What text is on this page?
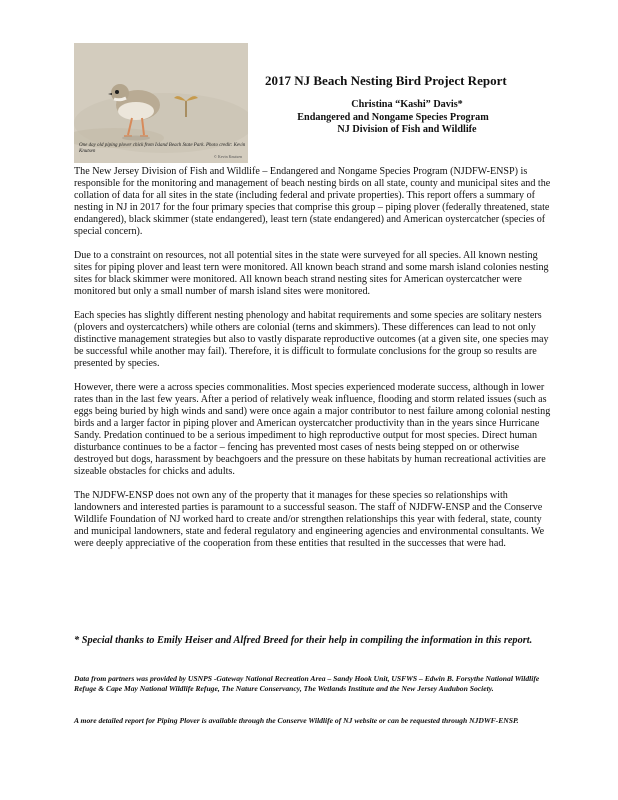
One day old piping plover chick from Island Beach State Park. Photo credit: Kevin Knutsen
© Kevin Knutsen
2017 NJ Beach Nesting Bird Project Report
Christina “Kashi” Davis*
Endangered and Nongame Species Program
NJ Division of Fish and Wildlife

The New Jersey Division of Fish and Wildlife – Endangered and Nongame Species Program (NJDFW-ENSP) is responsible for the monitoring and management of beach nesting birds on all state, county and municipal sites and the collation of data for all sites in the state (including federal and private properties). This report offers a summary of nesting in NJ in 2017 for the four primary species that comprise this group – piping plover (federally threatened, state endangered), black skimmer (state endangered), least tern (state endangered) and American oystercatcher (species of special concern).

Due to a constraint on resources, not all potential sites in the state were surveyed for all species. All known nesting sites for piping plover and least tern were monitored. All known beach strand and some marsh island colonies nesting sites for black skimmer were monitored. All known beach strand nesting sites for American oystercatcher were monitored but only a small number of marsh island sites were monitored.

Each species has slightly different nesting phenology and habitat requirements and some species are solitary nesters (plovers and oystercatchers) while others are colonial (terns and skimmers). These differences can lead to not only distinctive management strategies but also to vastly disparate reproductive outcomes (at a given site, one species may be successful while another may fail). Therefore, it is difficult to formulate conclusions for the group so results are presented by species.

However, there were a across species commonalities. Most species experienced moderate success, although in lower rates than in the last few years. After a period of relatively weak influence, flooding and storm related issues (such as eggs being buried by high winds and sand) were once again a major contributor to nest failure among colonial nesting birds and a larger factor in piping plover and American oystercatcher productivity than in the years since Hurricane Sandy. Predation continued to be a serious impediment to high reproductive output for most species. Direct human disturbance continues to be a factor – fencing has prevented most cases of nests being stepped on or otherwise destroyed but dogs, harassment by beachgoers and the pressure on these habitats by human recreational activities are sizeable obstacles for chicks and adults.

The NJDFW-ENSP does not own any of the property that it manages for these species so relationships with landowners and interested parties is paramount to a successful season. The staff of NJDFW-ENSP and the Conserve Wildlife Foundation of NJ worked hard to create and/or strengthen relationships this year with federal, state, county and municipal landowners, state and federal regulatory and engineering agencies and environmental consultants. We were deeply appreciative of the cooperation from these entities that resulted in the successes that were had.

* Special thanks to Emily Heiser and Alfred Breed for their help in compiling the information in this report.

Data from partners was provided by USNPS -Gateway National Recreation Area – Sandy Hook Unit, USFWS – Edwin B. Forsythe National Wildlife Refuge & Cape May National Wildlife Refuge, The Nature Conservancy, The Wetlands Institute and the New Jersey Audubon Society.

A more detailed report for Piping Plover is available through the Conserve Wildlife of NJ website or can be requested through NJDWF-ENSP.
